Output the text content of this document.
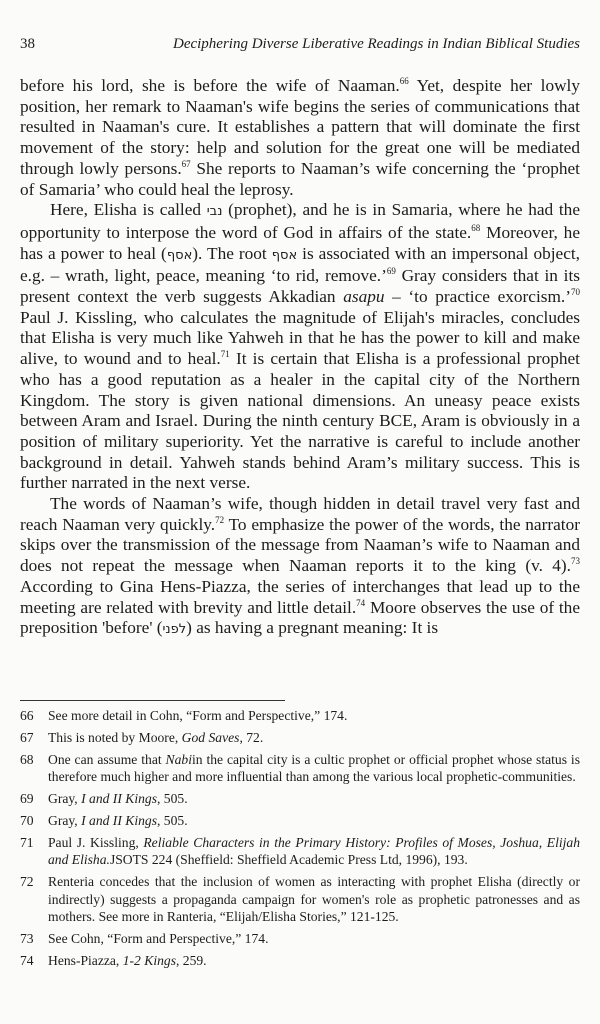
38	Deciphering Diverse Liberative Readings in Indian Biblical Studies

before his lord, she is before the wife of Naaman.$^{66}$ Yet, despite her lowly position, her remark to Naaman's wife begins the series of communications that resulted in Naaman's cure. It establishes a pattern that will dominate the first movement of the story: help and solution for the great one will be mediated through lowly persons.$^{67}$ She reports to Naaman’s wife concerning the ‘prophet of Samaria’ who could heal the leprosy.

Here, Elisha is called נבי (prophet), and he is in Samaria, where he had the opportunity to interpose the word of God in affairs of the state.$^{68}$ Moreover, he has a power to heal (אסף). The root אסף is associated with an impersonal object, e.g. – wrath, light, peace, meaning ‘to rid, remove.’$^{69}$ Gray considers that in its present context the verb suggests Akkadian asapu – ‘to practice exorcism.’$^{70}$ Paul J. Kissling, who calculates the magnitude of Elijah's miracles, concludes that Elisha is very much like Yahweh in that he has the power to kill and make alive, to wound and to heal.$^{71}$ It is certain that Elisha is a professional prophet who has a good reputation as a healer in the capital city of the Northern Kingdom. The story is given national dimensions. An uneasy peace exists between Aram and Israel. During the ninth century BCE, Aram is obviously in a position of military superiority. Yet the narrative is careful to include another background in detail. Yahweh stands behind Aram’s military success. This is further narrated in the next verse.

The words of Naaman’s wife, though hidden in detail travel very fast and reach Naaman very quickly.$^{72}$ To emphasize the power of the words, the narrator skips over the transmission of the message from Naaman’s wife to Naaman and does not repeat the message when Naaman reports it to the king (v. 4).$^{73}$ According to Gina Hens-Piazza, the series of interchanges that lead up to the meeting are related with brevity and little detail.$^{74}$ Moore observes the use of the preposition 'before' (לפני) as having a pregnant meaning: It is

66	See more detail in Cohn, “Form and Perspective,” 174.
67	This is noted by Moore, God Saves, 72.
68	One can assume that Nabiin the capital city is a cultic prophet or official prophet whose status is therefore much higher and more influential than among the various local prophetic-communities.
69	Gray, I and II Kings, 505.
70	Gray, I and II Kings, 505.
71	Paul J. Kissling, Reliable Characters in the Primary History: Profiles of Moses, Joshua, Elijah and Elisha.JSOTS 224 (Sheffield: Sheffield Academic Press Ltd, 1996), 193.
72	Renteria concedes that the inclusion of women as interacting with prophet Elisha (directly or indirectly) suggests a propaganda campaign for women's role as prophetic patronesses and as mothers. See more in Ranteria, “Elijah/Elisha Stories,” 121-125.
73	See Cohn, “Form and Perspective,” 174.
74	Hens-Piazza, 1-2 Kings, 259.
